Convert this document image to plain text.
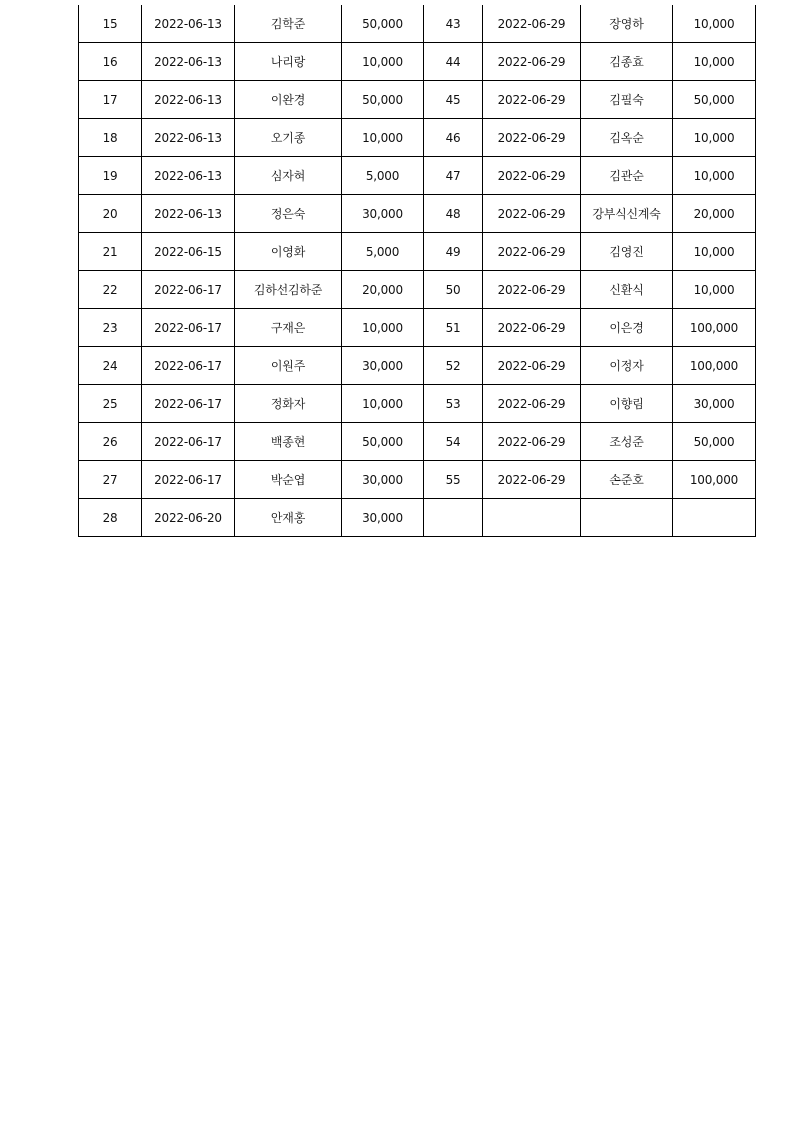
15	2022-06-13	김학준	50,000	43	2022-06-29	장영하	10,000
16	2022-06-13	나리랑	10,000	44	2022-06-29	김종효	10,000
17	2022-06-13	이완경	50,000	45	2022-06-29	김필숙	50,000
18	2022-06-13	오기종	10,000	46	2022-06-29	김옥순	10,000
19	2022-06-13	심자혀	5,000	47	2022-06-29	김관순	10,000
20	2022-06-13	정은숙	30,000	48	2022-06-29	강부식신계숙	20,000
21	2022-06-15	이영화	5,000	49	2022-06-29	김영진	10,000
22	2022-06-17	김하선김하준	20,000	50	2022-06-29	신환식	10,000
23	2022-06-17	구재은	10,000	51	2022-06-29	이은경	100,000
24	2022-06-17	이원주	30,000	52	2022-06-29	이정자	100,000
25	2022-06-17	정화자	10,000	53	2022-06-29	이향림	30,000
26	2022-06-17	백종현	50,000	54	2022-06-29	조성준	50,000
27	2022-06-17	박순엽	30,000	55	2022-06-29	손준호	100,000
28	2022-06-20	안재홍	30,000				
